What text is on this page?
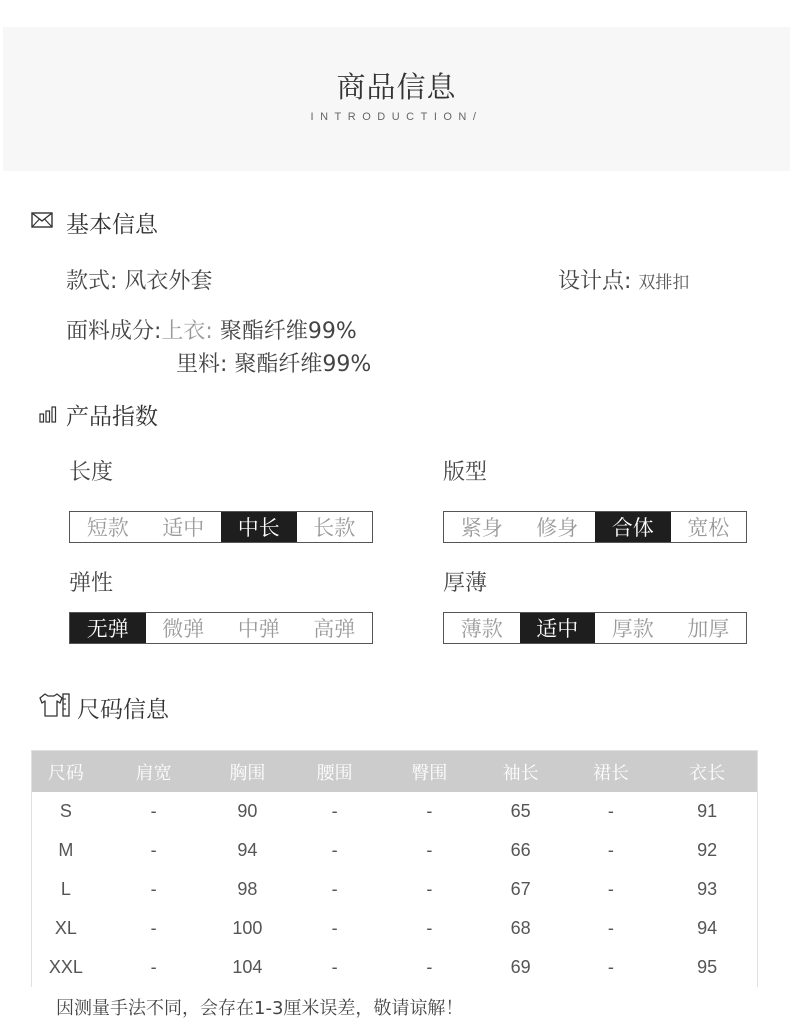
商品信息
INTRODUCTION/
基本信息
款式: 风衣外套	设计点: 双排扣
面料成分:上衣: 聚酯纤维99%
里料: 聚酯纤维99%
产品指数
长度
短款	适中	中长	长款
版型
紧身	修身	合体	宽松
弹性
无弹	微弹	中弹	高弹
厚薄
薄款	适中	厚款	加厚
尺码信息
尺码	肩宽	胸围	腰围	臀围	袖长	裙长	衣长
S	-	90	-	-	65	-	91
M	-	94	-	-	66	-	92
L	-	98	-	-	67	-	93
XL	-	100	-	-	68	-	94
XXL	-	104	-	-	69	-	95
因测量手法不同，会存在1-3厘米误差，敬请谅解！
